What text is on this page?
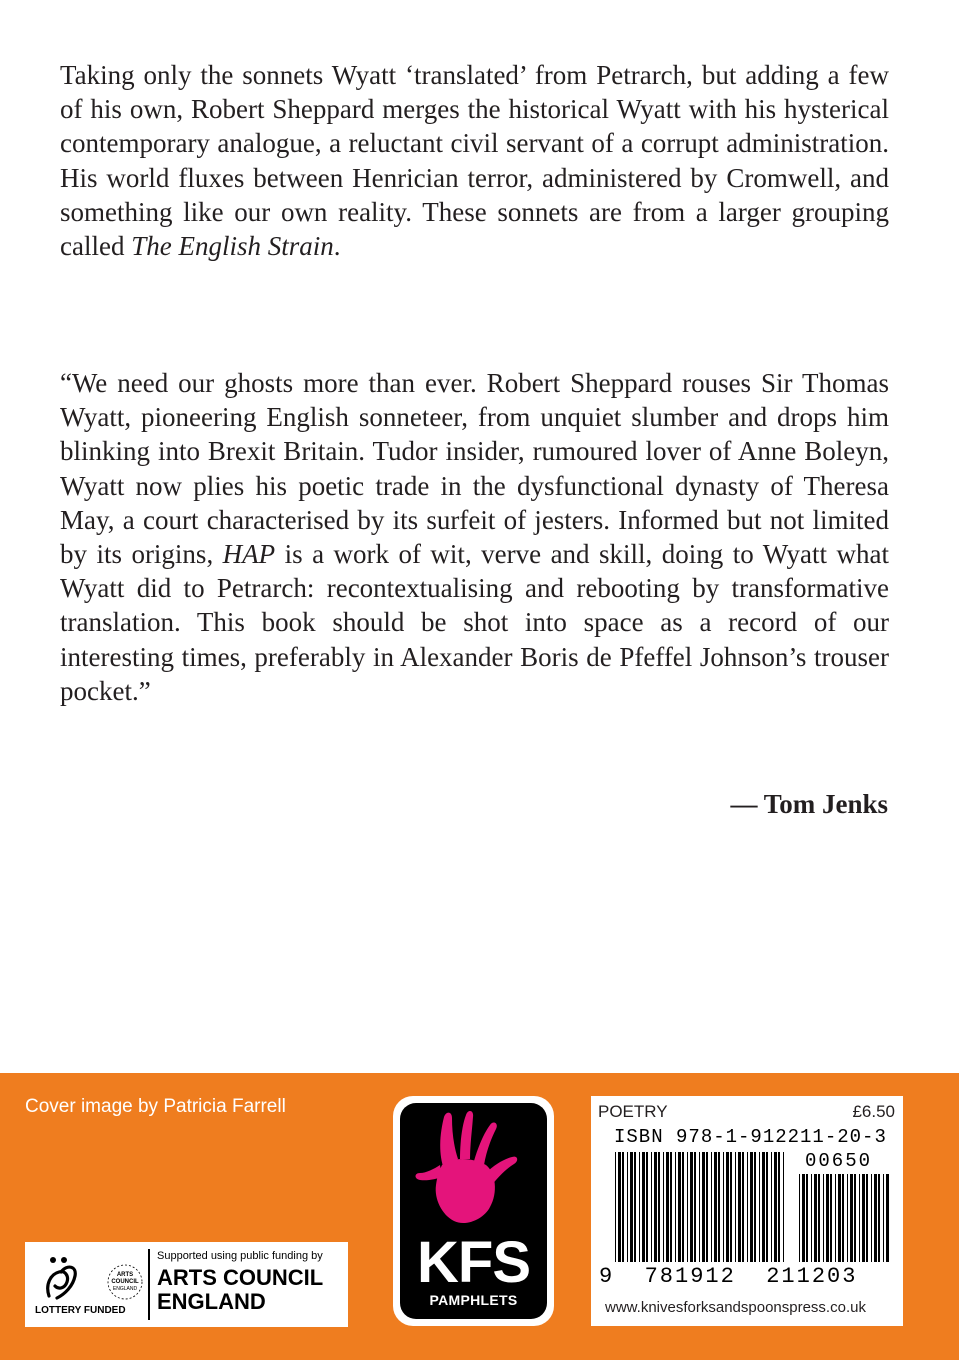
Taking only the sonnets Wyatt ‘translated’ from Petrarch, but adding a few of his own, Robert Sheppard merges the historical Wyatt with his hysterical contemporary analogue, a reluctant civil servant of a corrupt administration. His world fluxes between Henrician terror, administered by Cromwell, and something like our own reality. These sonnets are from a larger grouping called The English Strain.

“We need our ghosts more than ever. Robert Sheppard rouses Sir Thomas Wyatt, pioneering English sonneteer, from unquiet slumber and drops him blinking into Brexit Britain. Tudor insider, rumoured lover of Anne Boleyn, Wyatt now plies his poetic trade in the dysfunctional dynasty of Theresa May, a court characterised by its surfeit of jesters. Informed but not limited by its origins, HAP is a work of wit, verve and skill, doing to Wyatt what Wyatt did to Petrarch: recontextualising and rebooting by transformative translation. This book should be shot into space as a record of our interesting times, preferably in Alexander Boris de Pfeffel Johnson’s trouser pocket.”

— Tom Jenks
Cover image by Patricia Farrell
LOTTERY FUNDED
ARTS
COUNCIL
ENGLAND
Supported using public funding by
ARTS COUNCIL
ENGLAND
KFS
PAMPHLETS
POETRY	£6.50
ISBN 978-1-912211-20-3
00650
9  781912  211203
www.knivesforksandspoonspress.co.uk
